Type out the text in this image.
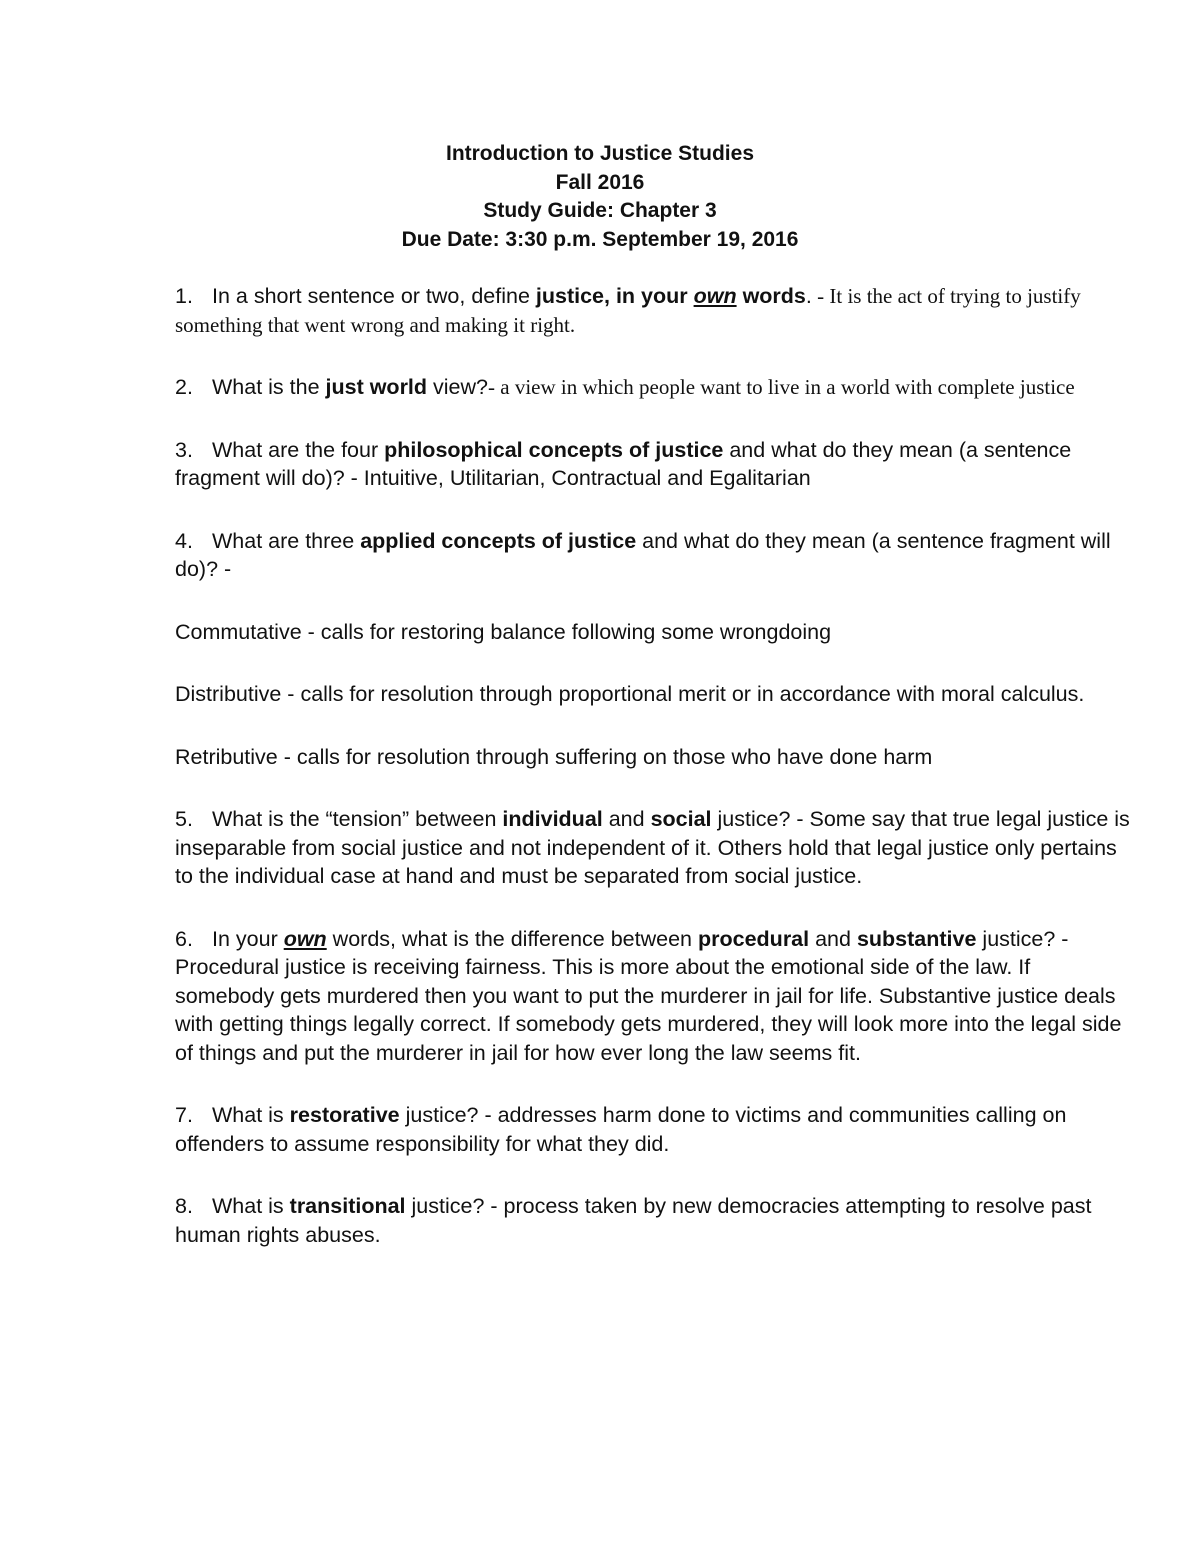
Introduction to Justice Studies
Fall 2016
Study Guide: Chapter 3
Due Date: 3:30 p.m. September 19, 2016

1. In a short sentence or two, define justice, in your own words. - It is the act of trying to justify something that went wrong and making it right.

2. What is the just world view?- a view in which people want to live in a world with complete justice

3. What are the four philosophical concepts of justice and what do they mean (a sentence fragment will do)? - Intuitive, Utilitarian, Contractual and Egalitarian

4. What are three applied concepts of justice and what do they mean (a sentence fragment will do)? -

Commutative - calls for restoring balance following some wrongdoing

Distributive - calls for resolution through proportional merit or in accordance with moral calculus.

Retributive - calls for resolution through suffering on those who have done harm

5. What is the “tension” between individual and social justice? - Some say that true legal justice is inseparable from social justice and not independent of it. Others hold that legal justice only pertains to the individual case at hand and must be separated from social justice.

6. In your own words, what is the difference between procedural and substantive justice? - Procedural justice is receiving fairness. This is more about the emotional side of the law. If somebody gets murdered then you want to put the murderer in jail for life. Substantive justice deals with getting things legally correct. If somebody gets murdered, they will look more into the legal side of things and put the murderer in jail for how ever long the law seems fit.

7. What is restorative justice? - addresses harm done to victims and communities calling on offenders to assume responsibility for what they did.

8. What is transitional justice? - process taken by new democracies attempting to resolve past human rights abuses.
